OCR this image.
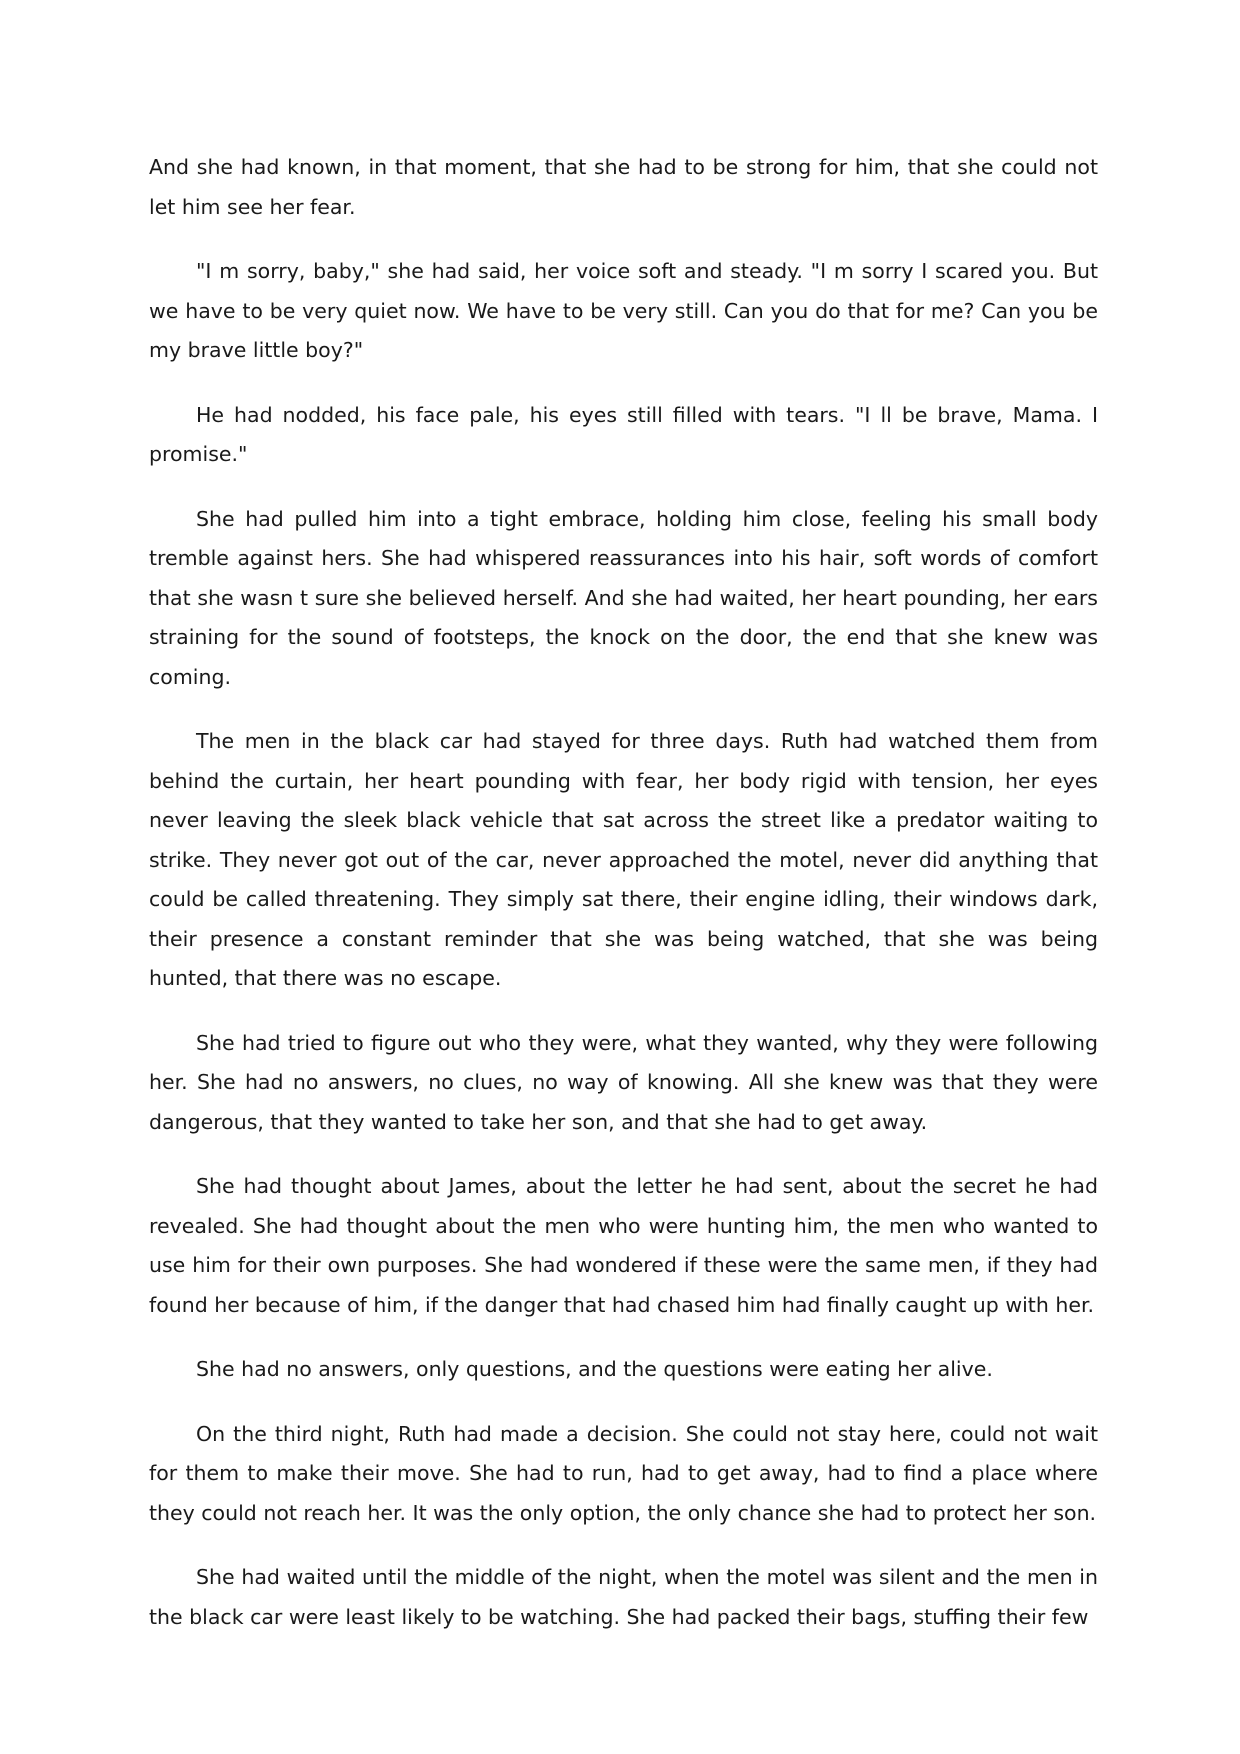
And she had known, in that moment, that she had to be strong for him, that she could not let him see her fear.

"I m sorry, baby," she had said, her voice soft and steady. "I m sorry I scared you. But we have to be very quiet now. We have to be very still. Can you do that for me? Can you be my brave little boy?"

He had nodded, his face pale, his eyes still filled with tears. "I ll be brave, Mama. I promise."

She had pulled him into a tight embrace, holding him close, feeling his small body tremble against hers. She had whispered reassurances into his hair, soft words of comfort that she wasn t sure she believed herself. And she had waited, her heart pounding, her ears straining for the sound of footsteps, the knock on the door, the end that she knew was coming.

The men in the black car had stayed for three days. Ruth had watched them from behind the curtain, her heart pounding with fear, her body rigid with tension, her eyes never leaving the sleek black vehicle that sat across the street like a predator waiting to strike. They never got out of the car, never approached the motel, never did anything that could be called threatening. They simply sat there, their engine idling, their windows dark, their presence a constant reminder that she was being watched, that she was being hunted, that there was no escape.

She had tried to figure out who they were, what they wanted, why they were following her. She had no answers, no clues, no way of knowing. All she knew was that they were dangerous, that they wanted to take her son, and that she had to get away.

She had thought about James, about the letter he had sent, about the secret he had revealed. She had thought about the men who were hunting him, the men who wanted to use him for their own purposes. She had wondered if these were the same men, if they had found her because of him, if the danger that had chased him had finally caught up with her.

She had no answers, only questions, and the questions were eating her alive.

On the third night, Ruth had made a decision. She could not stay here, could not wait for them to make their move. She had to run, had to get away, had to find a place where they could not reach her. It was the only option, the only chance she had to protect her son.

She had waited until the middle of the night, when the motel was silent and the men in the black car were least likely to be watching. She had packed their bags, stuffing their few
